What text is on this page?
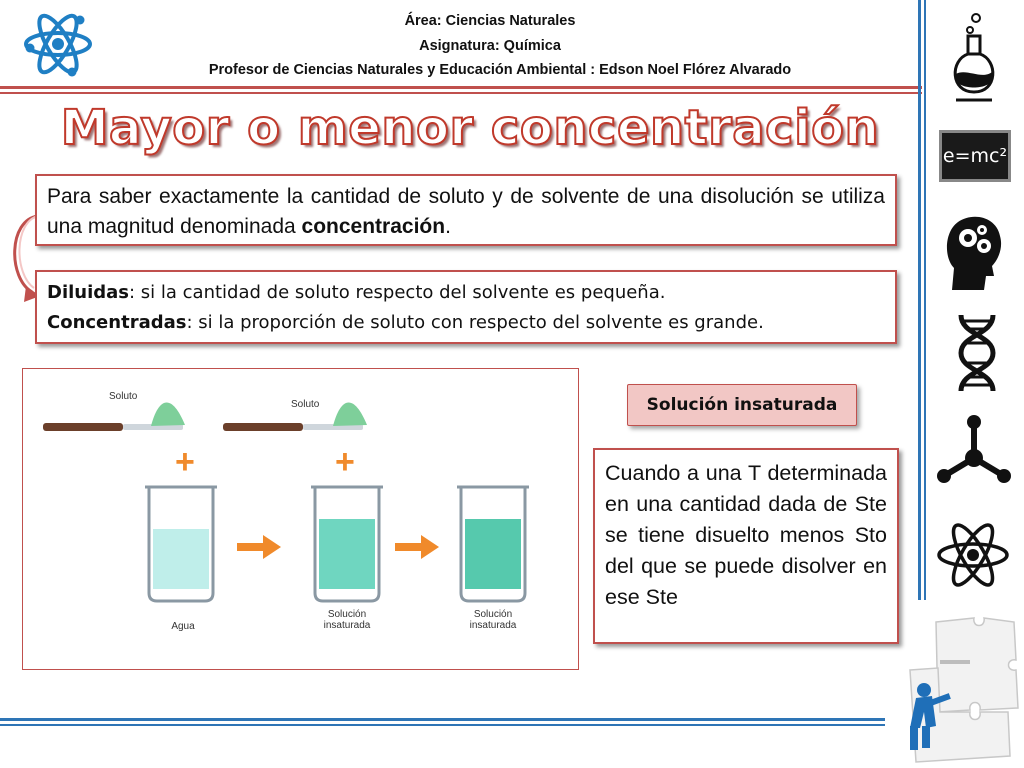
Área: Ciencias Naturales
Asignatura: Química
Profesor de Ciencias Naturales y Educación Ambiental : Edson Noel Flórez Alvarado
Mayor o menor concentración
Para saber exactamente la cantidad de soluto y de solvente de una disolución se utiliza una magnitud denominada concentración.
Diluidas: si la cantidad de soluto respecto del solvente es pequeña.
Concentradas: si la proporción de soluto con respecto del solvente es grande.
Soluto
Soluto
+	+
Agua
Solución
insaturada
Solución
insaturada
Solución insaturada
Cuando a una T determinada en una cantidad dada de Ste se tiene disuelto menos Sto del que se puede disolver en ese Ste
e=mc²
